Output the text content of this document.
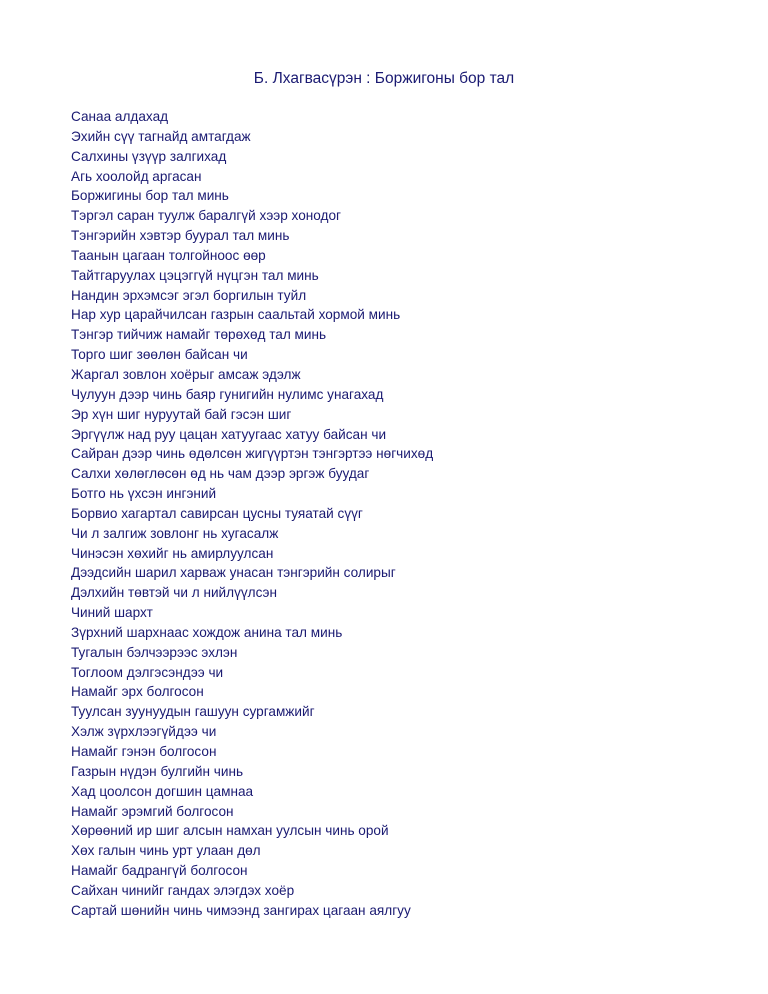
Б. Лхагвасүрэн : Боржигоны бор тал
Санаа алдахад
Эхийн сүү тагнайд амтагдаж
Салхины үзүүр залгихад
Агь хоолойд аргасан
Боржигины бор тал минь
Тэргэл саран туулж баралгүй хээр хонодог
Тэнгэрийн хэвтэр буурал тал минь
Таанын цагаан толгойноос өөр
Тайтгаруулах цэцэггүй нүцгэн тал минь
Нандин эрхэмсэг эгэл боргилын туйл
Нар хур царайчилсан газрын саальтай хормой минь
Тэнгэр тийчиж намайг төрөхөд тал минь
Торго шиг зөөлөн байсан чи
Жаргал зовлон хоёрыг амсаж эдэлж
Чулуун дээр чинь баяр гунигийн нулимс унагахад
Эр хүн шиг нуруутай бай гэсэн шиг
Эргүүлж над руу цацан хатуугаас хатуу байсан чи
Сайран дээр чинь өдөлсөн жигүүртэн тэнгэртээ нөгчихөд
Салхи хөлөглөсөн өд нь чам дээр эргэж буудаг
Ботго нь үхсэн ингэний
Борвио хагартал савирсан цусны туяатай сүүг
Чи л залгиж зовлонг нь хугасалж
Чинэсэн хөхийг нь амирлуулсан
Дээдсийн шарил харваж унасан тэнгэрийн солирыг
Дэлхийн төвтэй чи л нийлүүлсэн
Чиний шархт
Зүрхний шархнаас хождож анина тал минь
Тугалын бэлчээрээс эхлэн
Тоглоом дэлгэсэндээ чи
Намайг эрх болгосон
Туулсан зуунуудын гашуун сургамжийг
Хэлж зүрхлээгүйдээ чи
Намайг гэнэн болгосон
Газрын нүдэн булгийн чинь
Хад цоолсон догшин цамнаа
Намайг эрэмгий болгосон
Хөрөөний ир шиг алсын намхан уулсын чинь орой
Хөх галын чинь урт улаан дөл
Намайг бадрангүй болгосон
Сайхан чинийг гандах элэгдэх хоёр
Сартай шөнийн чинь чимээнд зангирах цагаан аялгуу
